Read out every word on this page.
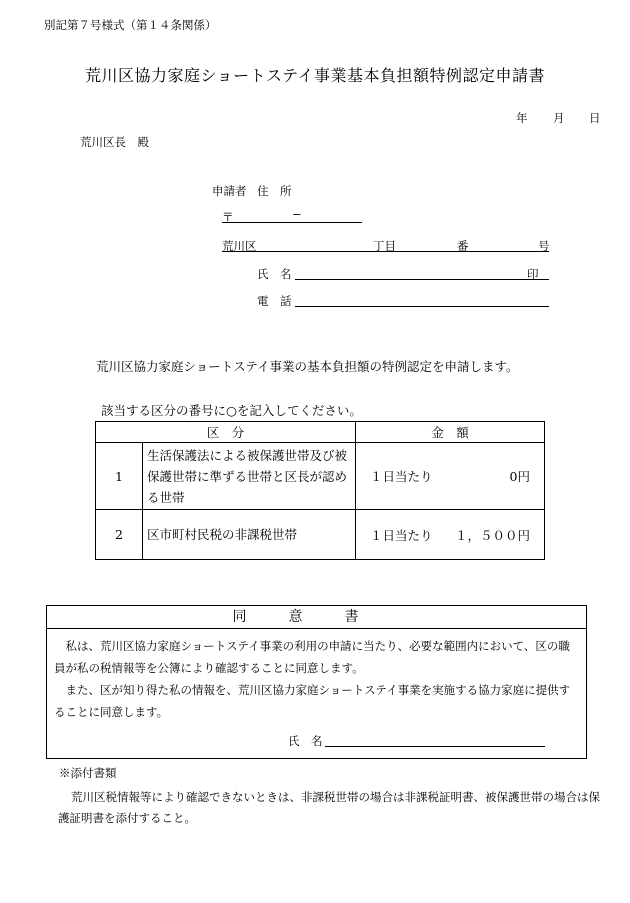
別記第７号様式（第１４条関係）
荒川区協力家庭ショートステイ事業基本負担額特例認定申請書
年 月 日
荒川区長　殿
申請者 住　所
〒	−
荒川区	丁目	番	号
氏　名	印
電　話
荒川区協力家庭ショートステイ事業の基本負担額の特例認定を申請します。
該当する区分の番号に○を記入してください。
区　分		金　額
1	生活保護法による被保護世帯及び被保護世帯に準ずる世帯と区長が認める世帯	１日当たり 0円

2	区市町村民税の非課税世帯	１日当たり １，５００円
同意書
　私は、荒川区協力家庭ショートステイ事業の利用の申請に当たり、必要な範囲内において、区の職員が私の税情報等を公簿により確認することに同意します。
　また、区が知り得た私の情報を、荒川区協力家庭ショートステイ事業を実施する協力家庭に提供することに同意します。
氏　名
※添付書類
荒川区税情報等により確認できないときは、非課税世帯の場合は非課税証明書、被保護世帯の場合は保護証明書を添付すること。
